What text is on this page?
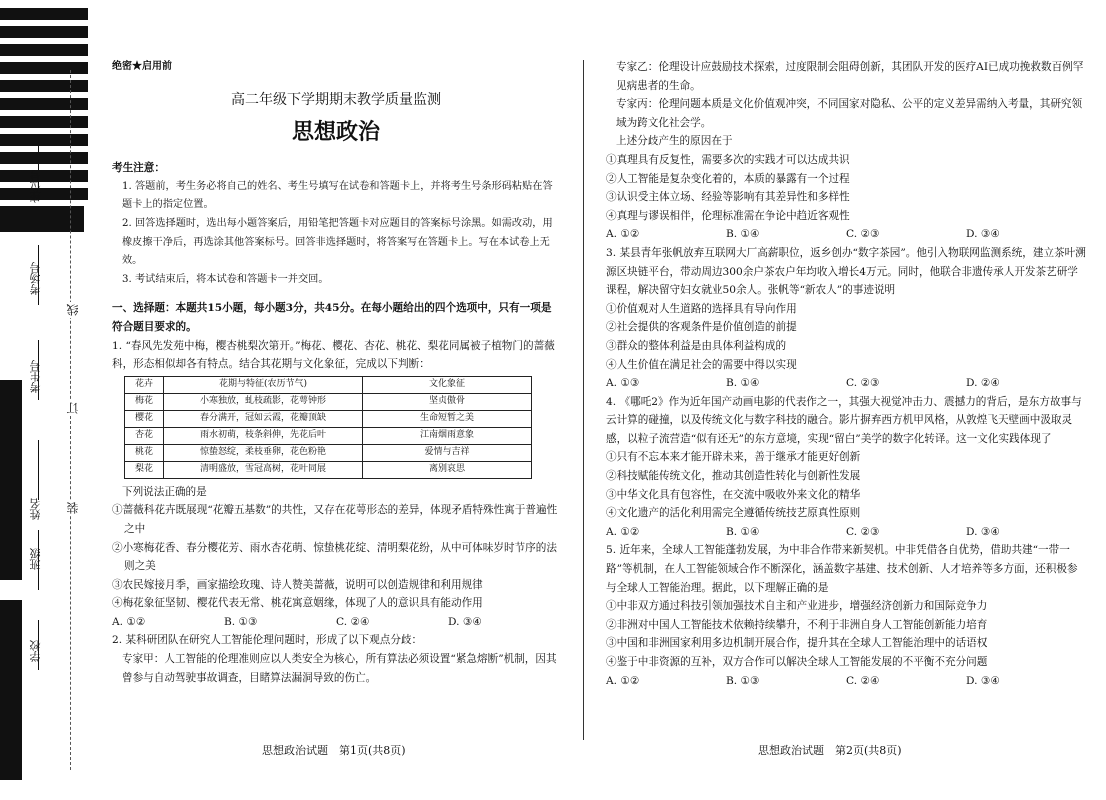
座位号
考场号
考生号
姓名
班级
学校
线
订
装

绝密★启用前

高二年级下学期期末教学质量监测

思想政治

考生注意：

1. 答题前，考生务必将自己的姓名、考生号填写在试卷和答题卡上，并将考生号条形码粘贴在答题卡上的指定位置。

2. 回答选择题时，选出每小题答案后，用铅笔把答题卡对应题目的答案标号涂黑。如需改动，用橡皮擦干净后，再选涂其他答案标号。回答非选择题时，将答案写在答题卡上。写在本试卷上无效。

3. 考试结束后，将本试卷和答题卡一并交回。

一、选择题：本题共15小题，每小题3分，共45分。在每小题给出的四个选项中，只有一项是符合题目要求的。

1. “春风先发苑中梅，樱杏桃梨次第开。”梅花、樱花、杏花、桃花、梨花同属被子植物门的蔷薇科，形态相似却各有特点。结合其花期与文化象征，完成以下判断：

花卉	花期与特征(农历节气)	文化象征
梅花	小寒独放，虬枝疏影，花萼钟形	坚贞傲骨
樱花	春分满开，冠如云霞，花瓣顶缺	生命短暂之美
杏花	雨水初萌，枝条斜伸，先花后叶	江南烟雨意象
桃花	惊蛰怒绽，柔枝垂卵，花色粉艳	爱情与吉祥
梨花	清明盛放，雪冠高树，花叶同展	离别哀思

下列说法正确的是

①蔷薇科花卉既展现“花瓣五基数”的共性，又存在花萼形态的差异，体现矛盾特殊性寓于普遍性之中

②小寒梅花香、春分樱花芳、雨水杏花萌、惊蛰桃花绽、清明梨花纷，从中可体味岁时节序的法则之美

③农民嫁接月季，画家描绘玫瑰、诗人赞美蔷薇，说明可以创造规律和利用规律

④梅花象征坚韧、樱花代表无常、桃花寓意姻缘，体现了人的意识具有能动作用

A. ①②	B. ①③	C. ②④	D. ③④

2. 某科研团队在研究人工智能伦理问题时，形成了以下观点分歧：

专家甲：人工智能的伦理准则应以人类安全为核心，所有算法必须设置“紧急熔断”机制，因其曾参与自动驾驶事故调查，目睹算法漏洞导致的伤亡。

专家乙：伦理设计应鼓励技术探索，过度限制会阻碍创新，其团队开发的医疗AI已成功挽救数百例罕见病患者的生命。

专家丙：伦理问题本质是文化价值观冲突，不同国家对隐私、公平的定义差异需纳入考量，其研究领域为跨文化社会学。

上述分歧产生的原因在于

①真理具有反复性，需要多次的实践才可以达成共识

②人工智能是复杂变化着的，本质的暴露有一个过程

③认识受主体立场、经验等影响有其差异性和多样性

④真理与谬误相伴，伦理标准需在争论中趋近客观性

A. ①②	B. ①④	C. ②③	D. ③④

3. 某县青年张帆放弃互联网大厂高薪职位，返乡创办“数字茶园”。他引入物联网监测系统，建立茶叶溯源区块链平台，带动周边300余户茶农户年均收入增长4万元。同时，他联合非遗传承人开发茶艺研学课程，解决留守妇女就业50余人。张帆等“新农人”的事迹说明

①价值观对人生道路的选择具有导向作用

②社会提供的客观条件是价值创造的前提

③群众的整体利益是由具体利益构成的

④人生价值在满足社会的需要中得以实现

A. ①③	B. ①④	C. ②③	D. ②④

4. 《哪吒2》作为近年国产动画电影的代表作之一，其强大视觉冲击力、震撼力的背后，是东方故事与云计算的碰撞，以及传统文化与数字科技的融合。影片摒弃西方机甲风格，从敦煌飞天壁画中汲取灵感，以粒子流营造“似有还无”的东方意境，实现“留白”美学的数字化转译。这一文化实践体现了

①只有不忘本来才能开辟未来，善于继承才能更好创新

②科技赋能传统文化，推动其创造性转化与创新性发展

③中华文化具有包容性，在交流中吸收外来文化的精华

④文化遗产的活化利用需完全遵循传统技艺原真性原则

A. ①②	B. ①④	C. ②③	D. ③④

5. 近年来，全球人工智能蓬勃发展，为中非合作带来新契机。中非凭借各自优势，借助共建“一带一路”等机制，在人工智能领域合作不断深化，涵盖数字基建、技术创新、人才培养等多方面，还积极参与全球人工智能治理。据此，以下理解正确的是

①中非双方通过科技引领加强技术自主和产业进步，增强经济创新力和国际竞争力

②非洲对中国人工智能技术依赖持续攀升，不利于非洲自身人工智能创新能力培育

③中国和非洲国家利用多边机制开展合作，提升其在全球人工智能治理中的话语权

④鉴于中非资源的互补，双方合作可以解决全球人工智能发展的不平衡不充分问题

A. ①②	B. ①③	C. ②④	D. ③④
思想政治试题　第1页(共8页)	思想政治试题　第2页(共8页)
